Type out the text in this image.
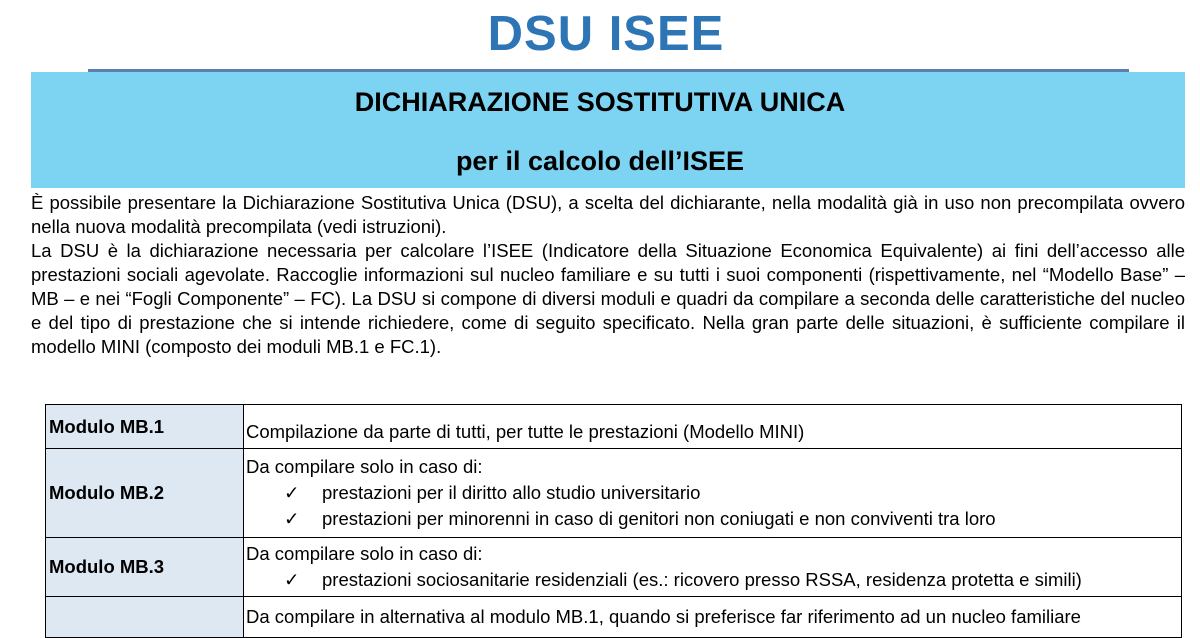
DSU ISEE
DICHIARAZIONE SOSTITUTIVA UNICA
per il calcolo dell’ISEE

È possibile presentare la Dichiarazione Sostitutiva Unica (DSU), a scelta del dichiarante, nella modalità già in uso non precompilata ovvero nella nuova modalità precompilata (vedi istruzioni).

La DSU è la dichiarazione necessaria per calcolare l’ISEE (Indicatore della Situazione Economica Equivalente) ai fini dell’accesso alle prestazioni sociali agevolate. Raccoglie informazioni sul nucleo familiare e su tutti i suoi componenti (rispettivamente, nel “Modello Base” – MB – e nei “Fogli Componente” – FC). La DSU si compone di diversi moduli e quadri da compilare a seconda delle caratteristiche del nucleo e del tipo di prestazione che si intende richiedere, come di seguito specificato. Nella gran parte delle situazioni, è sufficiente compilare il modello MINI (composto dei moduli MB.1 e FC.1).

Modulo MB.1	Compilazione da parte di tutti, per tutte le prestazioni (Modello MINI)
Modulo MB.2	Da compilare solo in caso di:
✓ prestazioni per il diritto allo studio universitario
✓ prestazioni per minorenni in caso di genitori non coniugati e non conviventi tra loro

Modulo MB.3	Da compilare solo in caso di:
✓ prestazioni sociosanitarie residenziali (es.: ricovero presso RSSA, residenza protetta e simili)

	Da compilare in alternativa al modulo MB.1, quando si preferisce far riferimento ad un nucleo familiare
